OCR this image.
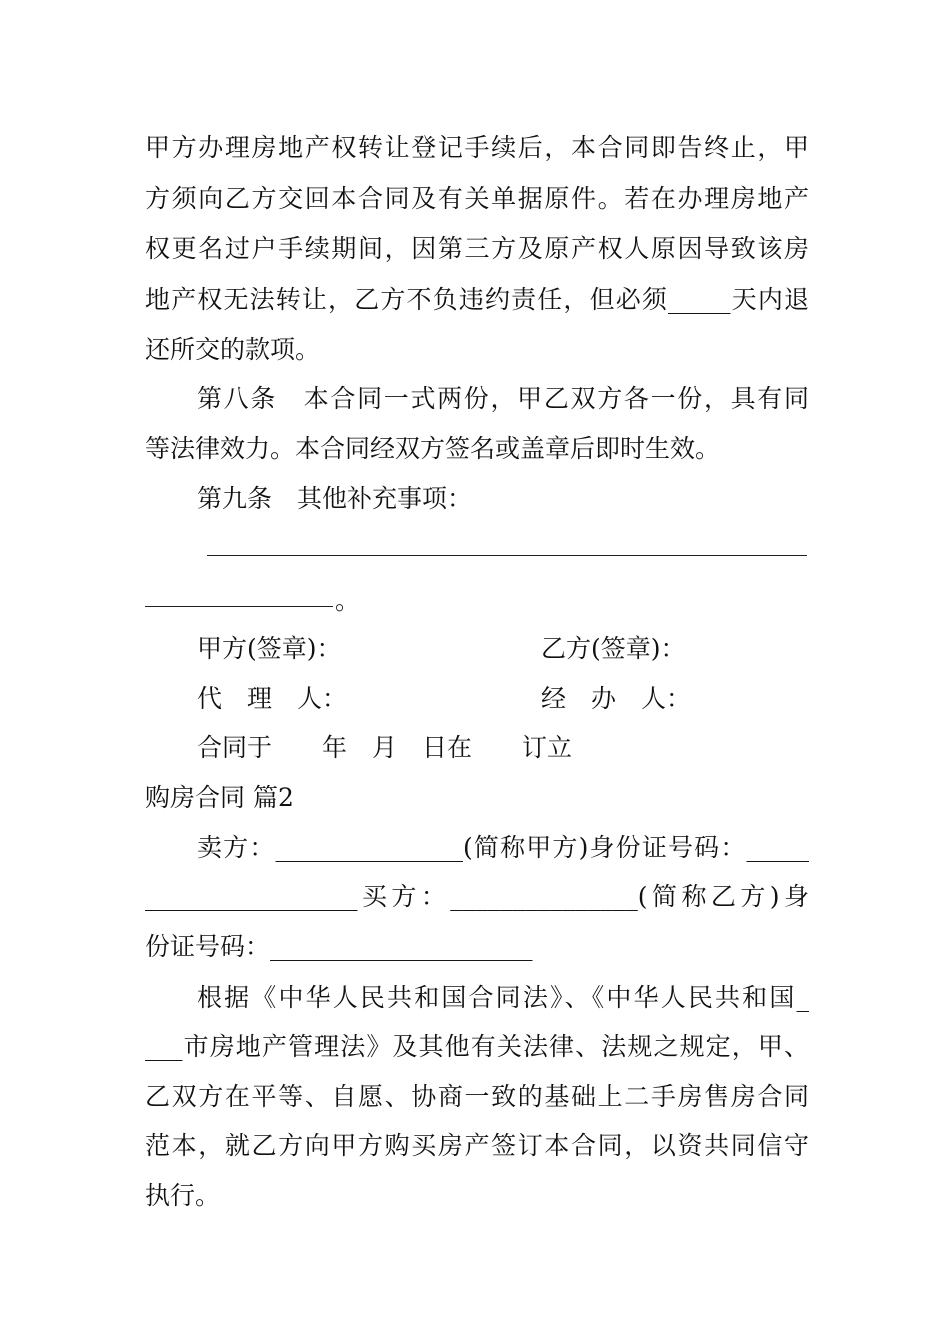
甲方办理房地产权转让登记手续后，本合同即告终止，甲
方须向乙方交回本合同及有关单据原件。若在办理房地产
权更名过户手续期间，因第三方及原产权人原因导致该房
地产权无法转让，乙方不负违约责任，但必须_____天内退
还所交的款项。
第八条　本合同一式两份，甲乙双方各一份，具有同
等法律效力。本合同经双方签名或盖章后即时生效。
第九条　其他补充事项：
。
甲方(签章)：	乙方(签章)：
代　理　人：	经　办　人：
合同于　　年　月　日在　　订立
购房合同 篇2
卖方：_______________(简称甲方)身份证号码：_____
_________________买方：_______________(简称乙方)身
份证号码：_____________________
根据《中华人民共和国合同法》、《中华人民共和国_
___市房地产管理法》及其他有关法律、法规之规定，甲、
乙双方在平等、自愿、协商一致的基础上二手房售房合同
范本，就乙方向甲方购买房产签订本合同，以资共同信守
执行。
